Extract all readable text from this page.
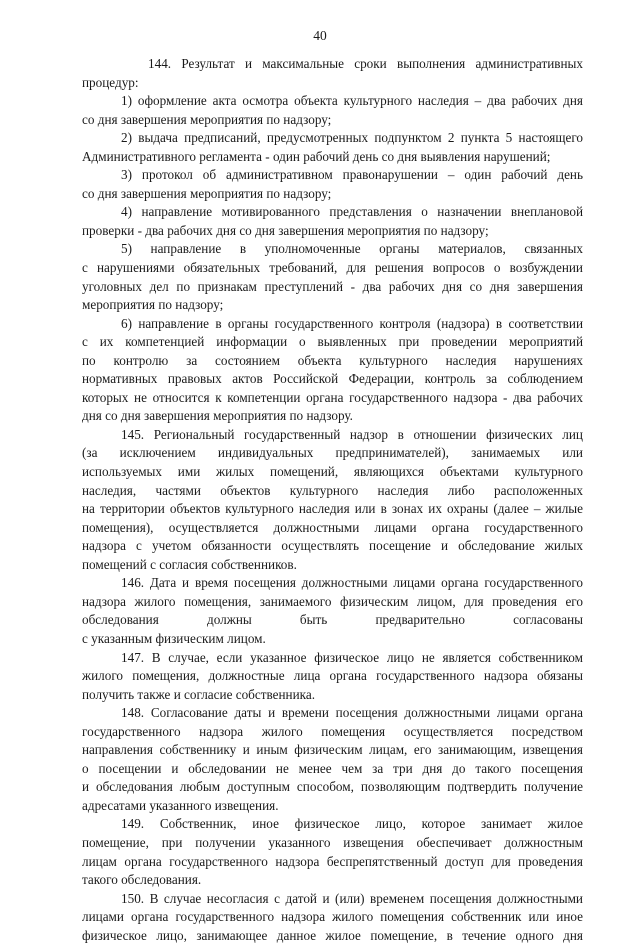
40

144. Результат и максимальные сроки выполнения административных

процедур:

1) оформление акта осмотра объекта культурного наследия – два рабочих дня

со дня завершения мероприятия по надзору;

2) выдача предписаний, предусмотренных подпунктом 2 пункта 5 настоящего

Административного регламента - один рабочий день со дня выявления нарушений;

3) протокол об административном правонарушении – один рабочий день

со дня завершения мероприятия по надзору;

4) направление мотивированного представления о назначении внеплановой

проверки - два рабочих дня со дня завершения мероприятия по надзору;

5) направление в уполномоченные органы материалов, связанных

с нарушениями обязательных требований, для решения вопросов о возбуждении

уголовных дел по признакам преступлений - два рабочих дня со дня завершения

мероприятия по надзору;

6) направление в органы государственного контроля (надзора) в соответствии

с их компетенцией информации о выявленных при проведении мероприятий

по контролю за состоянием объекта культурного наследия нарушениях

нормативных правовых актов Российской Федерации, контроль за соблюдением

которых не относится к компетенции органа государственного надзора - два рабочих

дня со дня завершения мероприятия по надзору.

145. Региональный государственный надзор в отношении физических лиц

(за исключением индивидуальных предпринимателей), занимаемых или

используемых ими жилых помещений, являющихся объектами культурного

наследия, частями объектов культурного наследия либо расположенных

на территории объектов культурного наследия или в зонах их охраны (далее – жилые

помещения), осуществляется должностными лицами органа государственного

надзора с учетом обязанности осуществлять посещение и обследование жилых

помещений с согласия собственников.

146. Дата и время посещения должностными лицами органа государственного

надзора жилого помещения, занимаемого физическим лицом, для проведения его

обследования должны быть предварительно согласованы

с указанным физическим лицом.

147. В случае, если указанное физическое лицо не является собственником

жилого помещения, должностные лица органа государственного надзора обязаны

получить также и согласие собственника.

148. Согласование даты и времени посещения должностными лицами органа

государственного надзора жилого помещения осуществляется посредством

направления собственнику и иным физическим лицам, его занимающим, извещения

о посещении и обследовании не менее чем за три дня до такого посещения

и обследования любым доступным способом, позволяющим подтвердить получение

адресатами указанного извещения.

149. Собственник, иное физическое лицо, которое занимает жилое

помещение, при получении указанного извещения обеспечивает должностным

лицам органа государственного надзора беспрепятственный доступ для проведения

такого обследования.

150. В случае несогласия с датой и (или) временем посещения должностными

лицами органа государственного надзора жилого помещения собственник или иное

физическое лицо, занимающее данное жилое помещение, в течение одного дня
